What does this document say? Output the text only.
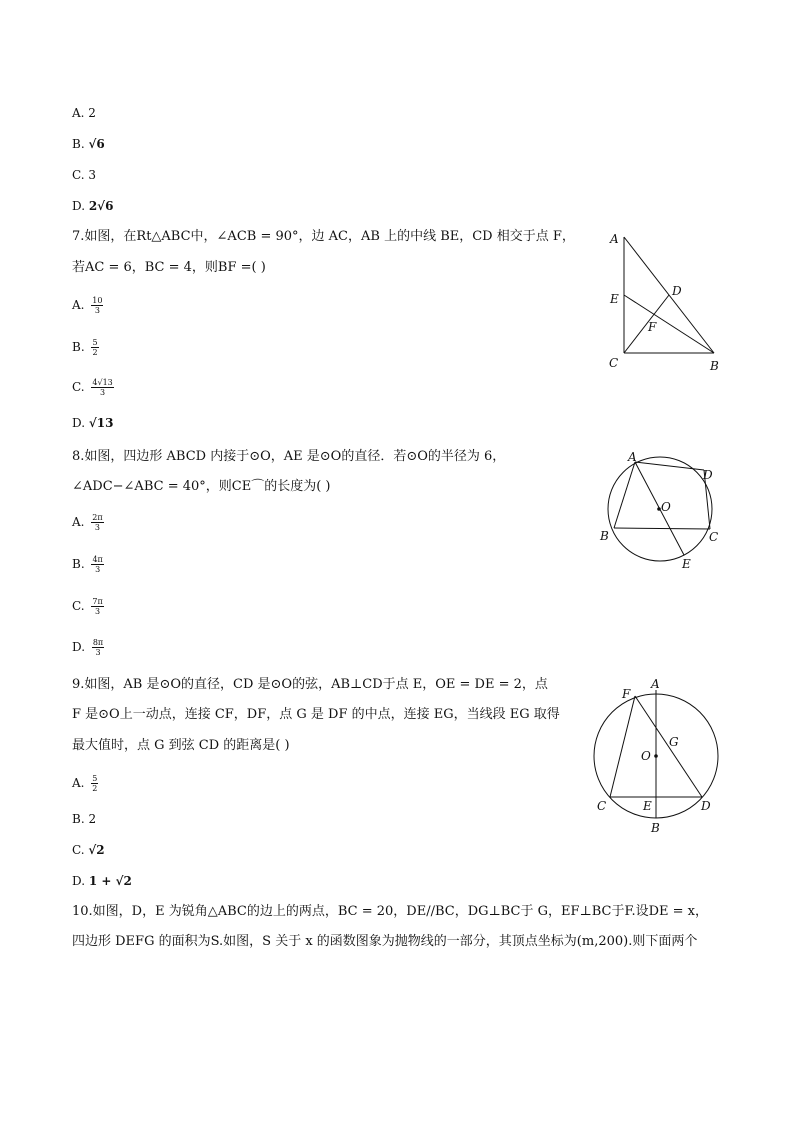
A. 2
B. √6
C. 3
D. 2√6
7.如图，在Rt△ABC中，∠ACB = 90°，边 AC，AB 上的中线 BE，CD 相交于点 F，
若AC = 6，BC = 4，则BF =( )
A. $\frac{10}{3}$
B. $\frac{5}{2}$
C. $\frac{4√13}{3}$
D. √13
A
E
D
F
C	B
8.如图，四边形 ABCD 内接于⊙O，AE 是⊙O的直径．若⊙O的半径为 6，
∠ADC−∠ABC = 40°，则CE⌒的长度为( )
A. $\frac{2\pi}{3}$
B. $\frac{4\pi}{3}$
C. $\frac{7\pi}{3}$
D. $\frac{8\pi}{3}$
A
D
O
B	C
E
9.如图，AB 是⊙O的直径，CD 是⊙O的弦，AB⊥CD于点 E，OE = DE = 2，点
F 是⊙O上一动点，连接 CF，DF，点 G 是 DF 的中点，连接 EG，当线段 EG 取得
最大值时，点 G 到弦 CD 的距离是( )
A. $\frac{5}{2}$
B. 2
C. √2
D. 1 + √2
F
A
G
O
C	E	D
B
10.如图，D，E 为锐角△ABC的边上的两点，BC = 20，DE//BC，DG⊥BC于 G，EF⊥BC于F.设DE = x，
四边形 DEFG 的面积为S.如图，S 关于 x 的函数图象为抛物线的一部分，其顶点坐标为(m,200).则下面两个
